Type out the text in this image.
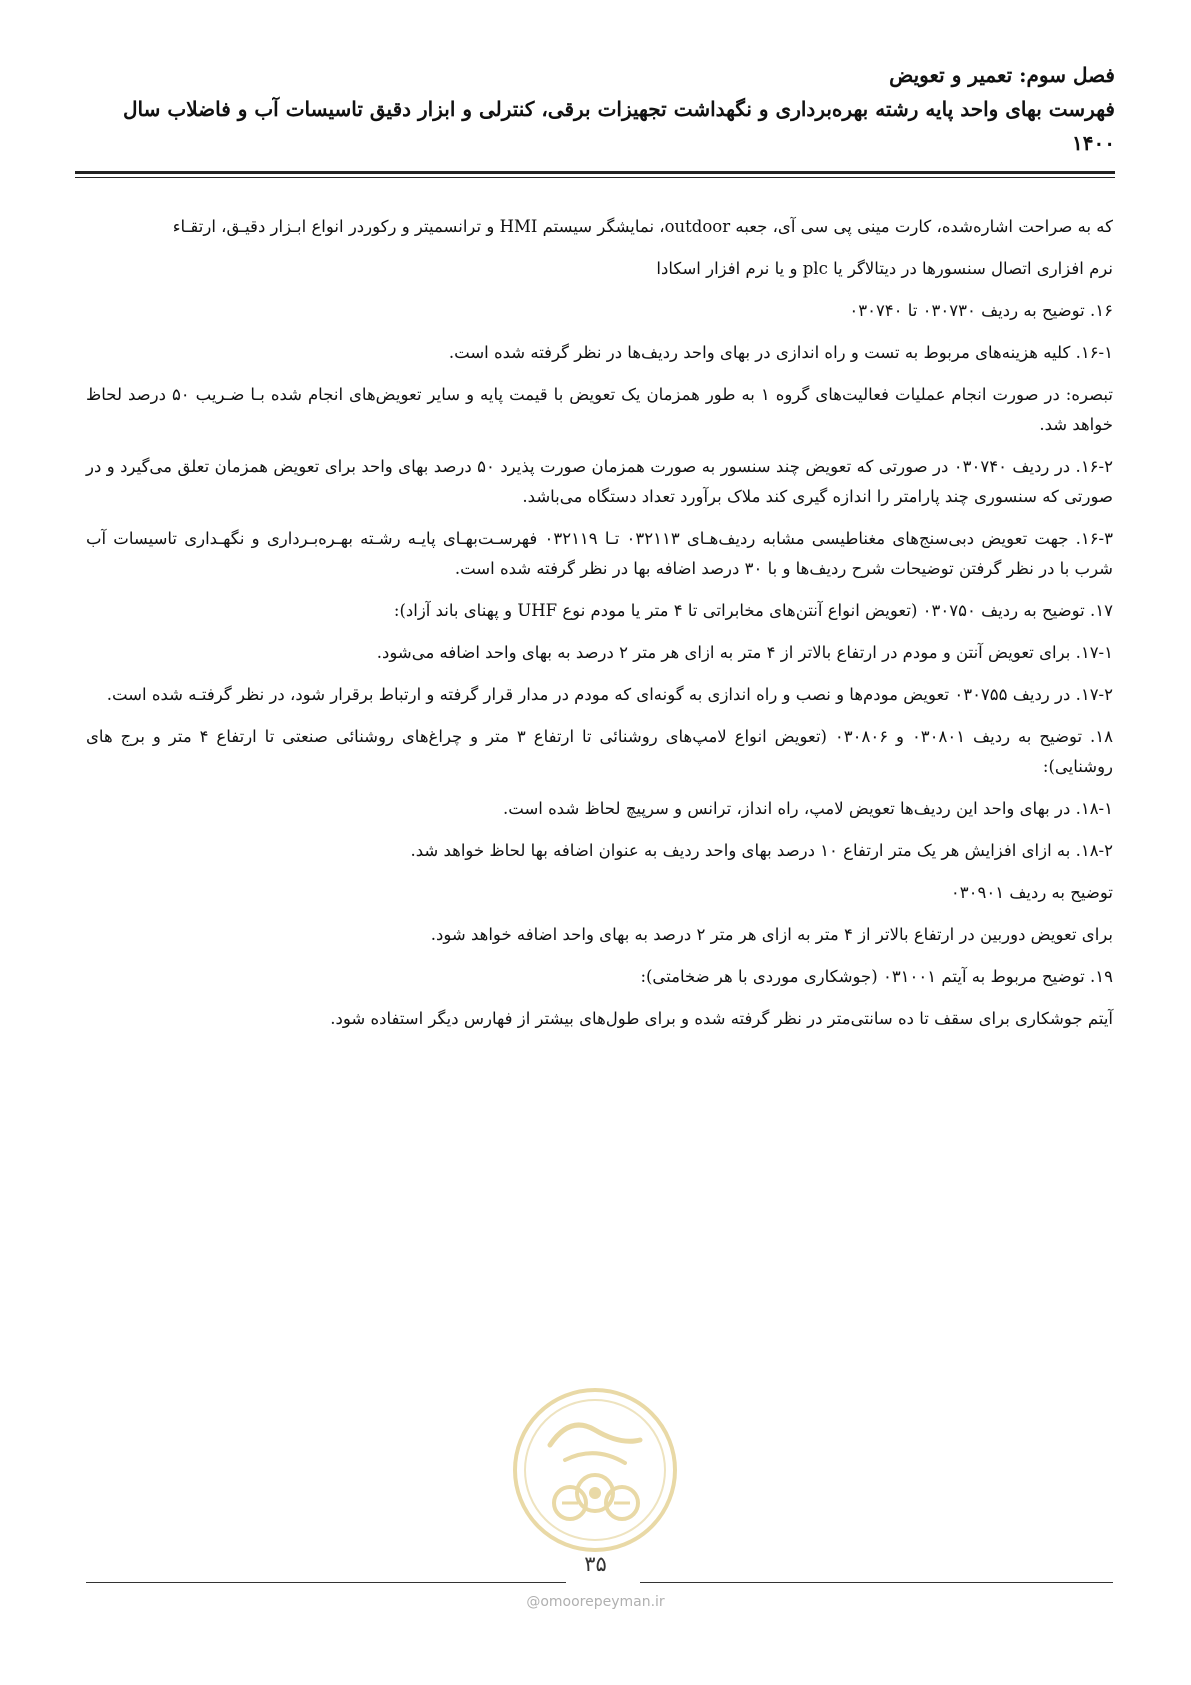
فصل سوم: تعمیر و تعویض
فهرست بهای واحد پایه رشته بهره‌برداری و نگهداشت تجهیزات برقی، کنترلی و ابزار دقیق تاسیسات آب و فاضلاب سال
۱۴۰۰

که به صراحت اشاره‌شده، کارت مینی پی سی آی، جعبه outdoor، نمایشگر سیستم HMI و ترانسمیتر و رکوردر انواع ابـزار دقیـق، ارتقـاء

نرم افزاری اتصال سنسورها در دیتالاگر یا plc و یا نرم افزار اسکادا

۱۶. توضیح به ردیف ۰۳۰۷۳۰ تا ۰۳۰۷۴۰

۱۶-۱. کلیه هزینه‌های مربوط به تست و راه اندازی در بهای واحد ردیف‌ها در نظر گرفته شده است.

تبصره: در صورت انجام عملیات فعالیت‌های گروه ۱ به طور همزمان یک تعویض با قیمت پایه و سایر تعویض‌های انجام شده بـا ضـریب ۵۰ درصد لحاظ خواهد شد.

۱۶-۲. در ردیف ۰۳۰۷۴۰ در صورتی که تعویض چند سنسور به صورت همزمان صورت پذیرد ۵۰ درصد بهای واحد برای تعویض همزمان تعلق می‌گیرد و در صورتی که سنسوری چند پارامتر را اندازه گیری کند ملاک برآورد تعداد دستگاه می‌باشد.

۱۶-۳. جهت تعویض دبی‌سنج‌های مغناطیسی مشابه ردیف‌هـای ۰۳۲۱۱۳ تـا ۰۳۲۱۱۹ فهرسـت‌بهـای پایـه رشـته بهـره‌بـرداری و نگهـداری تاسیسات آب شرب با در نظر گرفتن توضیحات شرح ردیف‌ها و با ۳۰ درصد اضافه بها در نظر گرفته شده است.

۱۷. توضیح به ردیف ۰۳۰۷۵۰ (تعویض انواع آنتن‌های مخابراتی تا ۴ متر یا مودم نوع UHF و پهنای باند آزاد):

۱۷-۱. برای تعویض آنتن و مودم در ارتفاع بالاتر از ۴ متر به ازای هر متر ۲ درصد به بهای واحد اضافه می‌شود.

۱۷-۲. در ردیف ۰۳۰۷۵۵ تعویض مودم‌ها و نصب و راه اندازی به گونه‌ای که مودم در مدار قرار گرفته و ارتباط برقرار شود، در نظر گرفتـه شده است.

۱۸. توضیح به ردیف ۰۳۰۸۰۱ و ۰۳۰۸۰۶ (تعویض انواع لامپ‌های روشنائی تا ارتفاع ۳ متر و چراغ‌های روشنائی صنعتی تا ارتفاع ۴ متر و برج های روشنایی):

۱۸-۱. در بهای واحد این ردیف‌ها تعویض لامپ، راه انداز، ترانس و سرپیچ لحاظ شده است.

۱۸-۲. به ازای افزایش هر یک متر ارتفاع ۱۰ درصد بهای واحد ردیف به عنوان اضافه بها لحاظ خواهد شد.

توضیح به ردیف ۰۳۰۹۰۱

برای تعویض دوربین در ارتفاع بالاتر از ۴ متر به ازای هر متر ۲ درصد به بهای واحد اضافه خواهد شود.

۱۹. توضیح مربوط به آیتم ۰۳۱۰۰۱ (جوشکاری موردی با هر ضخامتی):

آیتم جوشکاری برای سقف تا ده سانتی‌متر در نظر گرفته شده و برای طول‌های بیشتر از فهارس دیگر استفاده شود.

۳۵
@omoorepeyman.ir
